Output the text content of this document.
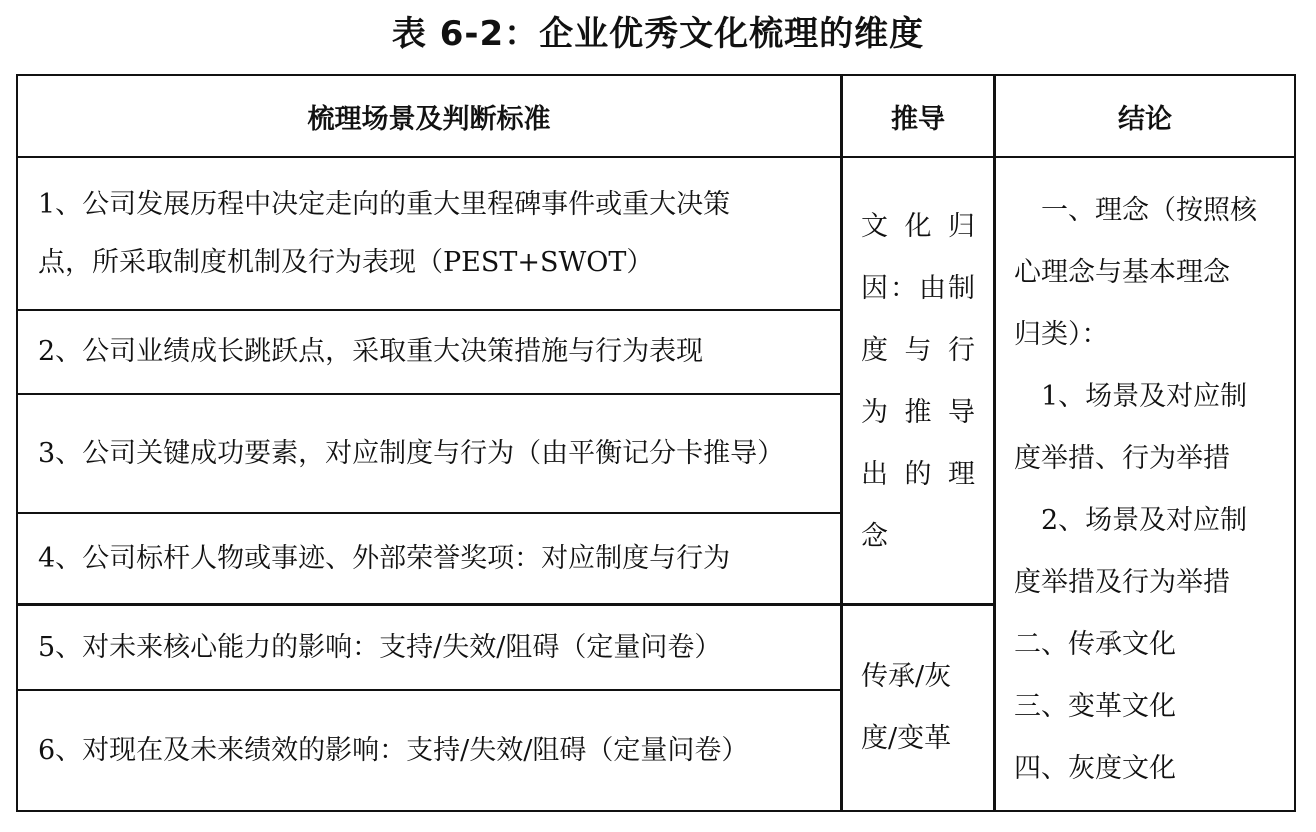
表 6-2：企业优秀文化梳理的维度
梳理场景及判断标准	推导	结论
1、公司发展历程中决定走向的重大里程碑事件或重大决策
点，所采取制度机制及行为表现（PEST+SWOT）
2、公司业绩成长跳跃点，采取重大决策措施与行为表现
3、公司关键成功要素，对应制度与行为（由平衡记分卡推导）
4、公司标杆人物或事迹、外部荣誉奖项：对应制度与行为
5、对未来核心能力的影响：支持/失效/阻碍（定量问卷）
6、对现在及未来绩效的影响：支持/失效/阻碍（定量问卷）
文化归
因：由制
度与行
为推导
出的理
念
传承/灰
度/变革
　一、理念（按照核
心理念与基本理念
归类）：
　1、场景及对应制
度举措、行为举措
　2、场景及对应制
度举措及行为举措
二、传承文化
三、变革文化
四、灰度文化
